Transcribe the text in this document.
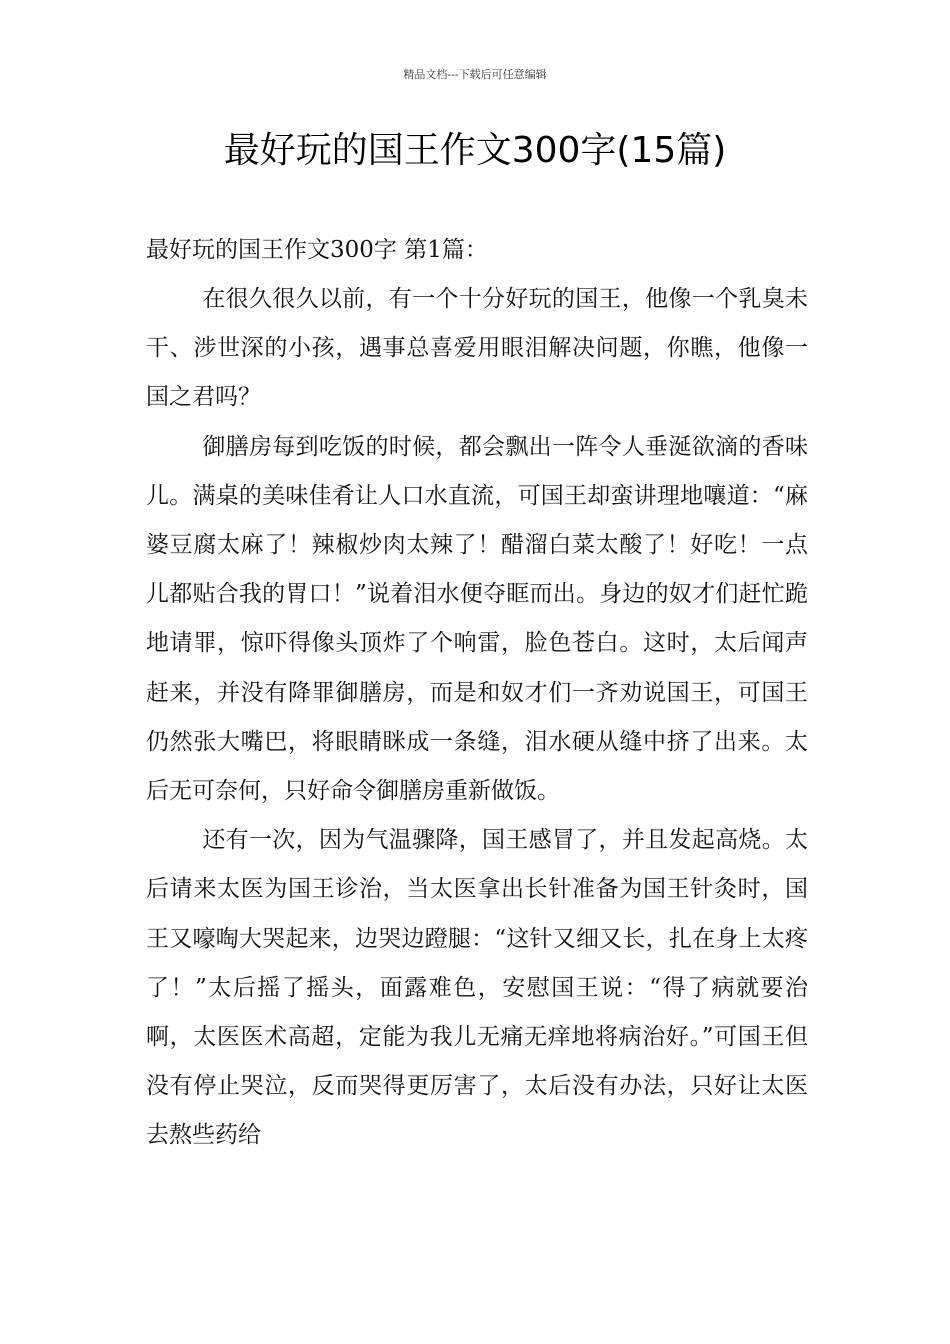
精品文档---下载后可任意编辑
最好玩的国王作文300字(15篇)

最好玩的国王作文300字 第1篇：

在很久很久以前，有一个十分好玩的国王，他像一个乳臭未干、涉世深的小孩，遇事总喜爱用眼泪解决问题，你瞧，他像一国之君吗？

御膳房每到吃饭的时候，都会飘出一阵令人垂涎欲滴的香味儿。满桌的美味佳肴让人口水直流，可国王却蛮讲理地嚷道：“麻婆豆腐太麻了！辣椒炒肉太辣了！醋溜白菜太酸了！好吃！一点儿都贴合我的胃口！”说着泪水便夺眶而出。身边的奴才们赶忙跪地请罪，惊吓得像头顶炸了个响雷，脸色苍白。这时，太后闻声赶来，并没有降罪御膳房，而是和奴才们一齐劝说国王，可国王仍然张大嘴巴，将眼睛眯成一条缝，泪水硬从缝中挤了出来。太后无可奈何，只好命令御膳房重新做饭。

还有一次，因为气温骤降，国王感冒了，并且发起高烧。太后请来太医为国王诊治，当太医拿出长针准备为国王针灸时，国王又嚎啕大哭起来，边哭边蹬腿：“这针又细又长，扎在身上太疼了！”太后摇了摇头，面露难色，安慰国王说：“得了病就要治啊，太医医术高超，定能为我儿无痛无痒地将病治好。”可国王但没有停止哭泣，反而哭得更厉害了，太后没有办法，只好让太医去熬些药给
